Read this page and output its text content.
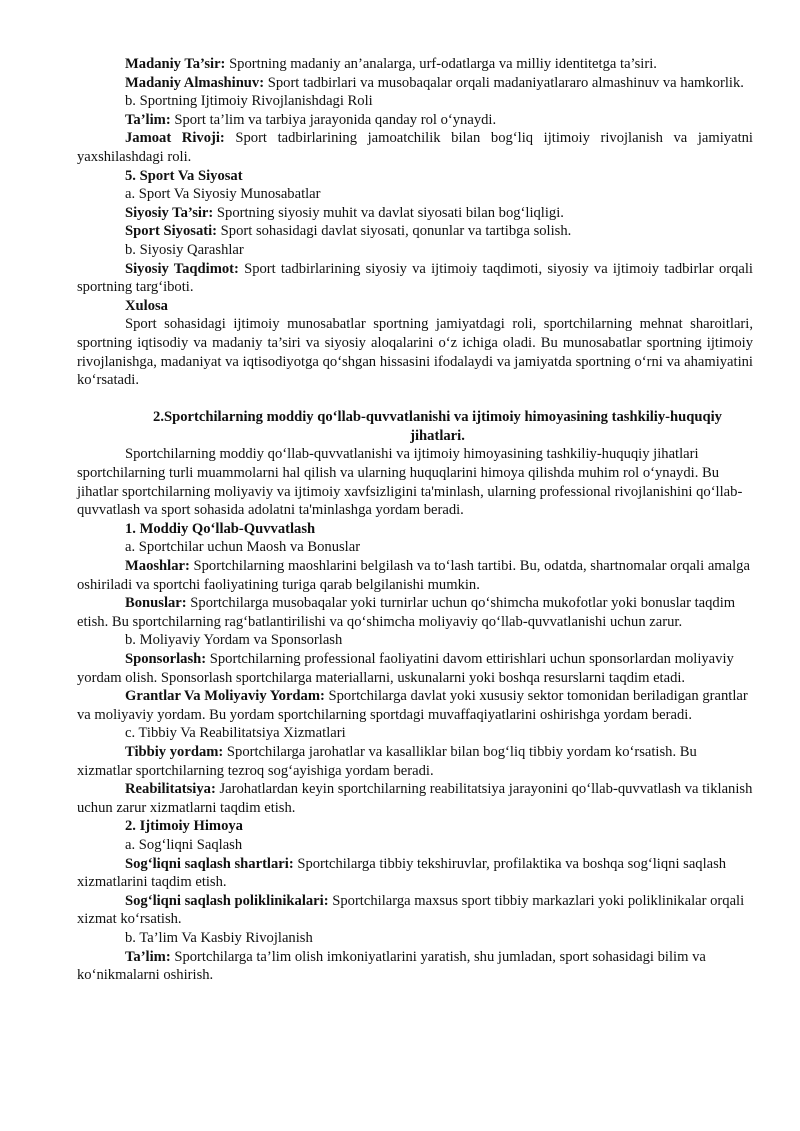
Madaniy Ta’sir: Sportning madaniy an’analarga, urf-odatlarga va milliy identitetga ta’siri.

Madaniy Almashinuv: Sport tadbirlari va musobaqalar orqali madaniyatlararo almashinuv va hamkorlik.

b. Sportning Ijtimoiy Rivojlanishdagi Roli

Ta’lim: Sport ta’lim va tarbiya jarayonida qanday rol o‘ynaydi.

Jamoat Rivoji: Sport tadbirlarining jamoatchilik bilan bog‘liq ijtimoiy rivojlanish va jamiyatni yaxshilashdagi roli.

5. Sport Va Siyosat

a. Sport Va Siyosiy Munosabatlar

Siyosiy Ta’sir: Sportning siyosiy muhit va davlat siyosati bilan bog‘liqligi.

Sport Siyosati: Sport sohasidagi davlat siyosati, qonunlar va tartibga solish.

b. Siyosiy Qarashlar

Siyosiy Taqdimot: Sport tadbirlarining siyosiy va ijtimoiy taqdimoti, siyosiy va ijtimoiy tadbirlar orqali sportning targ‘iboti.

Xulosa

Sport sohasidagi ijtimoiy munosabatlar sportning jamiyatdagi roli, sportchilarning mehnat sharoitlari, sportning iqtisodiy va madaniy ta’siri va siyosiy aloqalarini o‘z ichiga oladi. Bu munosabatlar sportning ijtimoiy rivojlanishga, madaniyat va iqtisodiyotga qo‘shgan hissasini ifodalaydi va jamiyatda sportning o‘rni va ahamiyatini ko‘rsatadi.

2.Sportchilarning moddiy qo‘llab-quvvatlanishi va ijtimoiy himoyasining tashkiliy-huquqiy jihatlari.

Sportchilarning moddiy qo‘llab-quvvatlanishi va ijtimoiy himoyasining tashkiliy-huquqiy jihatlari sportchilarning turli muammolarni hal qilish va ularning huquqlarini himoya qilishda muhim rol o‘ynaydi. Bu jihatlar sportchilarning moliyaviy va ijtimoiy xavfsizligini ta'minlash, ularning professional rivojlanishini qo‘llab-quvvatlash va sport sohasida adolatni ta'minlashga yordam beradi.

1. Moddiy Qo‘llab-Quvvatlash

a. Sportchilar uchun Maosh va Bonuslar

Maoshlar: Sportchilarning maoshlarini belgilash va to‘lash tartibi. Bu, odatda, shartnomalar orqali amalga oshiriladi va sportchi faoliyatining turiga qarab belgilanishi mumkin.

Bonuslar: Sportchilarga musobaqalar yoki turnirlar uchun qo‘shimcha mukofotlar yoki bonuslar taqdim etish. Bu sportchilarning rag‘batlantirilishi va qo‘shimcha moliyaviy qo‘llab-quvvatlanishi uchun zarur.

b. Moliyaviy Yordam va Sponsorlash

Sponsorlash: Sportchilarning professional faoliyatini davom ettirishlari uchun sponsorlardan moliyaviy yordam olish. Sponsorlash sportchilarga materiallarni, uskunalarni yoki boshqa resurslarni taqdim etadi.

Grantlar Va Moliyaviy Yordam: Sportchilarga davlat yoki xususiy sektor tomonidan beriladigan grantlar va moliyaviy yordam. Bu yordam sportchilarning sportdagi muvaffaqiyatlarini oshirishga yordam beradi.

c. Tibbiy Va Reabilitatsiya Xizmatlari

Tibbiy yordam: Sportchilarga jarohatlar va kasalliklar bilan bog‘liq tibbiy yordam ko‘rsatish. Bu xizmatlar sportchilarning tezroq sog‘ayishiga yordam beradi.

Reabilitatsiya: Jarohatlardan keyin sportchilarning reabilitatsiya jarayonini qo‘llab-quvvatlash va tiklanish uchun zarur xizmatlarni taqdim etish.

2. Ijtimoiy Himoya

a. Sog‘liqni Saqlash

Sog‘liqni saqlash shartlari: Sportchilarga tibbiy tekshiruvlar, profilaktika va boshqa sog‘liqni saqlash xizmatlarini taqdim etish.

Sog‘liqni saqlash poliklinikalari: Sportchilarga maxsus sport tibbiy markazlari yoki poliklinikalar orqali xizmat ko‘rsatish.

b. Ta’lim Va Kasbiy Rivojlanish

Ta’lim: Sportchilarga ta’lim olish imkoniyatlarini yaratish, shu jumladan, sport sohasidagi bilim va ko‘nikmalarni oshirish.
